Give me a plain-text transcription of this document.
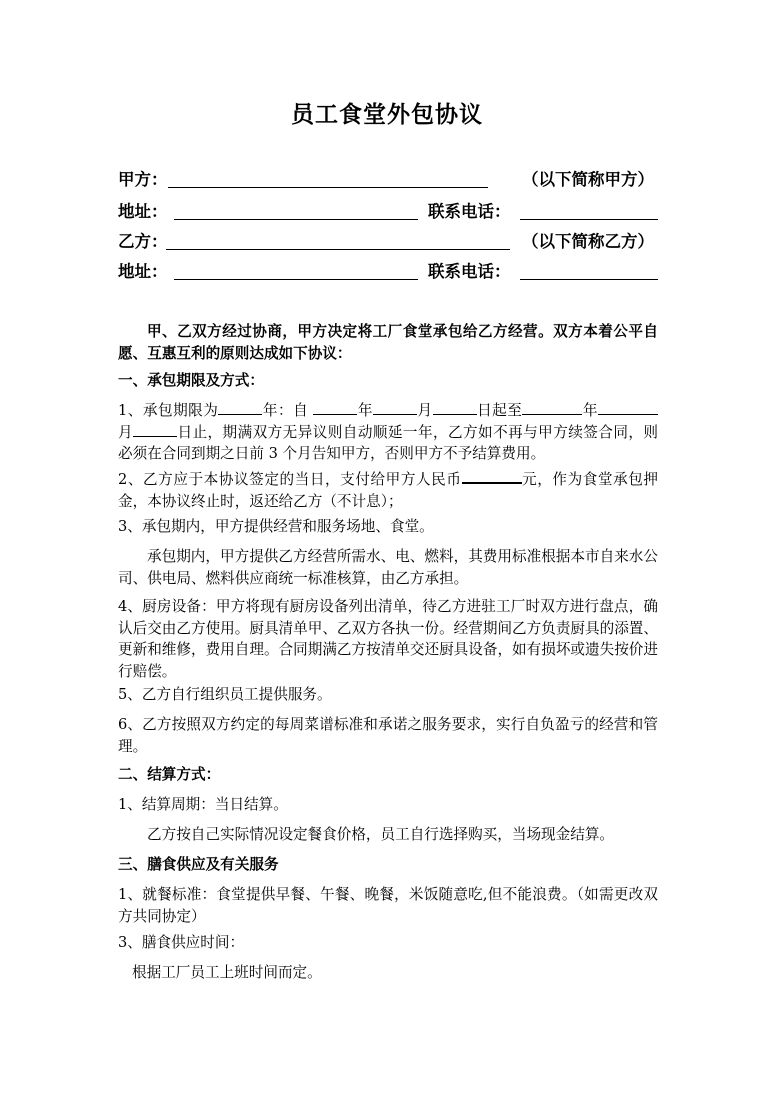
员工食堂外包协议
甲方：	（以下简称甲方）
地址：	联系电话：
乙方：	（以下简称乙方）
地址：	联系电话：
甲、乙双方经过协商，甲方决定将工厂食堂承包给乙方经营。双方本着公平自愿、互惠互利的原则达成如下协议：
一、承包期限及方式：
1、承包期限为	年：自	年	月	日起至	年月	日止，期满双方无异议则自动顺延一年，乙方如不再与甲方续签合同，则必须在合同到期之日前 3 个月告知甲方，否则甲方不予结算费用。
2、乙方应于本协议签定的当日，支付给甲方人民币	元，作为食堂承包押金，本协议终止时，返还给乙方（不计息）；
3、承包期内，甲方提供经营和服务场地、食堂。
承包期内，甲方提供乙方经营所需水、电、燃料，其费用标准根据本市自来水公司、供电局、燃料供应商统一标准核算，由乙方承担。
4、厨房设备：甲方将现有厨房设备列出清单，待乙方进驻工厂时双方进行盘点，确认后交由乙方使用。厨具清单甲、乙双方各执一份。经营期间乙方负责厨具的添置、更新和维修，费用自理。合同期满乙方按清单交还厨具设备，如有损坏或遗失按价进行赔偿。
5、乙方自行组织员工提供服务。
6、乙方按照双方约定的每周菜谱标准和承诺之服务要求，实行自负盈亏的经营和管理。
二、结算方式：
1、结算周期：当日结算。
乙方按自己实际情况设定餐食价格，员工自行选择购买，当场现金结算。
三、膳食供应及有关服务
1、就餐标准：食堂提供早餐、午餐、晚餐，米饭随意吃,但不能浪费。（如需更改双方共同协定）
3、膳食供应时间：
根据工厂员工上班时间而定。
